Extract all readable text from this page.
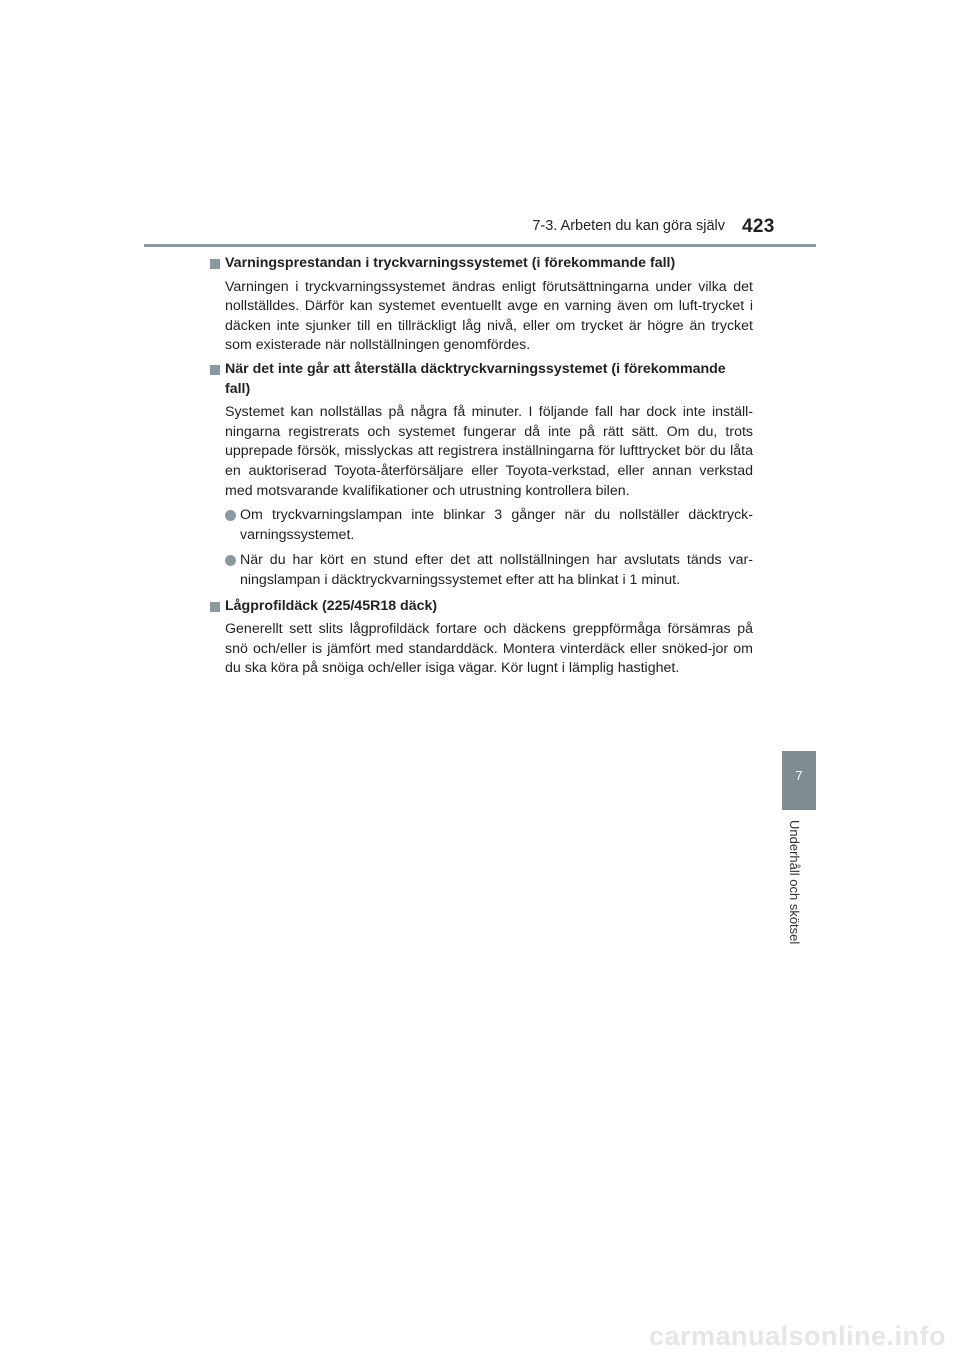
7-3. Arbeten du kan göra själv 423
7
Underhåll och skötsel
Varningsprestandan i tryckvarningssystemet (i förekommande fall)

Varningen i tryckvarningssystemet ändras enligt förutsättningarna under vilka det nollställdes. Därför kan systemet eventuellt avge en varning även om luft-trycket i däcken inte sjunker till en tillräckligt låg nivå, eller om trycket är högre än trycket som existerade när nollställningen genomfördes.

När det inte går att återställa däcktryckvarningssystemet (i förekommande fall)

Systemet kan nollställas på några få minuter. I följande fall har dock inte inställ-ningarna registrerats och systemet fungerar då inte på rätt sätt. Om du, trots upprepade försök, misslyckas att registrera inställningarna för lufttrycket bör du låta en auktoriserad Toyota-återförsäljare eller Toyota-verkstad, eller annan verkstad med motsvarande kvalifikationer och utrustning kontrollera bilen.

Om tryckvarningslampan inte blinkar 3 gånger när du nollställer däcktryck-varningssystemet.
När du har kört en stund efter det att nollställningen har avslutats tänds var-ningslampan i däcktryckvarningssystemet efter att ha blinkat i 1 minut.
Lågprofildäck (225/45R18 däck)

Generellt sett slits lågprofildäck fortare och däckens greppförmåga försämras på snö och/eller is jämfört med standarddäck. Montera vinterdäck eller snöked-jor om du ska köra på snöiga och/eller isiga vägar. Kör lugnt i lämplig hastighet.

carmanualsonline.info
